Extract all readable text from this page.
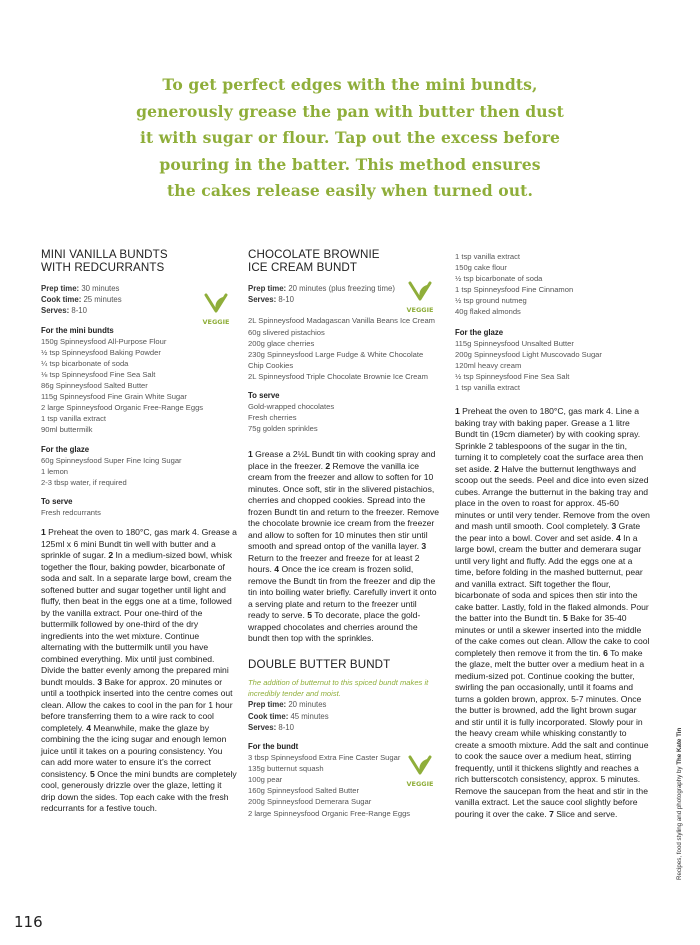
To get perfect edges with the mini bundts,
generously grease the pan with butter then dust
it with sugar or flour. Tap out the excess before
pouring in the batter. This method ensures
the cakes release easily when turned out.
MINI VANILLA BUNDTS
WITH REDCURRANTS
Prep time: 30 minutes
Cook time: 25 minutes
Serves: 8-10
For the mini bundts
150g Spinneysfood All-Purpose Flour
½ tsp Spinneysfood Baking Powder
¼ tsp bicarbonate of soda
⅛ tsp Spinneysfood Fine Sea Salt
86g Spinneysfood Salted Butter
115g Spinneysfood Fine Grain White Sugar
2 large Spinneysfood Organic Free-Range Eggs
1 tsp vanilla extract
90ml buttermilk
For the glaze
60g Spinneysfood Super Fine Icing Sugar
1 lemon
2-3 tbsp water, if required
To serve
Fresh redcurrants
1 Preheat the oven to 180°C, gas mark 4. Grease a 125ml x 6 mini Bundt tin well with butter and a sprinkle of sugar. 2 In a medium-sized bowl, whisk together the flour, baking powder, bicarbonate of soda and salt. In a separate large bowl, cream the softened butter and sugar together until light and fluffy, then beat in the eggs one at a time, followed by the vanilla extract. Pour one-third of the buttermilk followed by one-third of the dry ingredients into the wet mixture. Continue alternating with the buttermilk until you have combined everything. Mix until just combined. Divide the batter evenly among the prepared mini bundt moulds. 3 Bake for approx. 20 minutes or until a toothpick inserted into the centre comes out clean. Allow the cakes to cool in the pan for 1 hour before transferring them to a wire rack to cool completely. 4 Meanwhile, make the glaze by combining the the icing sugar and enough lemon juice until it takes on a pouring consistency. You can add more water to ensure it’s the correct consistency. 5 Once the mini bundts are completely cool, generously drizzle over the glaze, letting it drip down the sides. Top each cake with the fresh redcurrants for a festive touch.
CHOCOLATE BROWNIE
ICE CREAM BUNDT
Prep time: 20 minutes (plus freezing time)
Serves: 8-10
2L Spinneysfood Madagascan Vanilla Beans Ice Cream
60g slivered pistachios
200g glace cherries
230g Spinneysfood Large Fudge & White Chocolate
Chip Cookies
2L Spinneysfood Triple Chocolate Brownie Ice Cream
To serve
Gold-wrapped chocolates
Fresh cherries
75g golden sprinkles
1 Grease a 2½L Bundt tin with cooking spray and place in the freezer. 2 Remove the vanilla ice cream from the freezer and allow to soften for 10 minutes. Once soft, stir in the slivered pistachios, cherries and chopped cookies. Spread into the frozen Bundt tin and return to the freezer. Remove the chocolate brownie ice cream from the freezer and allow to soften for 10 minutes then stir until smooth and spread ontop of the vanilla layer. 3 Return to the freezer and freeze for at least 2 hours. 4 Once the ice cream is frozen solid, remove the Bundt tin from the freezer and dip the tin into boiling water briefly. Carefully invert it onto a serving plate and return to the freezer until ready to serve. 5 To decorate, place the gold-wrapped chocolates and cherries around the bundt then top with the sprinkles.
DOUBLE BUTTER BUNDT
The addition of butternut to this spiced bundt makes it incredibly tender and moist.
Prep time: 20 minutes
Cook time: 45 minutes
Serves: 8-10
For the bundt
3 tbsp Spinneysfood Extra Fine Caster Sugar
135g butternut squash
100g pear
160g Spinneysfood Salted Butter
200g Spinneysfood Demerara Sugar
2 large Spinneysfood Organic Free-Range Eggs
1 tsp vanilla extract
150g cake flour
½ tsp bicarbonate of soda
1 tsp Spinneysfood Fine Cinnamon
½ tsp ground nutmeg
40g flaked almonds
For the glaze
115g Spinneysfood Unsalted Butter
200g Spinneysfood Light Muscovado Sugar
120ml heavy cream
½ tsp Spinneysfood Fine Sea Salt
1 tsp vanilla extract
1 Preheat the oven to 180°C, gas mark 4. Line a baking tray with baking paper. Grease a 1 litre Bundt tin (19cm diameter) by with cooking spray. Sprinkle 2 tablespoons of the sugar in the tin, turning it to completely coat the surface area then set aside. 2 Halve the butternut lengthways and scoop out the seeds. Peel and dice into even sized cubes. Arrange the butternut in the baking tray and place in the oven to roast for approx. 45-60 minutes or until very tender. Remove from the oven and mash until smooth. Cool completely. 3 Grate the pear into a bowl. Cover and set aside. 4 In a large bowl, cream the butter and demerara sugar until very light and fluffy. Add the eggs one at a time, before folding in the mashed butternut, pear and vanilla extract. Sift together the flour, bicarbonate of soda and spices then stir into the cake batter. Lastly, fold in the flaked almonds. Pour the batter into the Bundt tin. 5 Bake for 35-40 minutes or until a skewer inserted into the middle of the cake comes out clean. Allow the cake to cool completely then remove it from the tin. 6 To make the glaze, melt the butter over a medium heat in a medium-sized pot. Continue cooking the butter, swirling the pan occasionally, until it foams and turns a golden brown, approx. 5-7 minutes. Once the butter is browned, add the light brown sugar and stir until it is fully incorporated. Slowly pour in the heavy cream while whisking constantly to create a smooth mixture. Add the salt and continue to cook the sauce over a medium heat, stirring frequently, until it thickens slightly and reaches a rich butterscotch consistency, approx. 5 minutes. Remove the saucepan from the heat and stir in the vanilla extract. Let the sauce cool slightly before pouring it over the cake. 7 Slice and serve.
VEGGIE
VEGGIE
VEGGIE
116
Recipes, food styling and photography by The Kate Tin
